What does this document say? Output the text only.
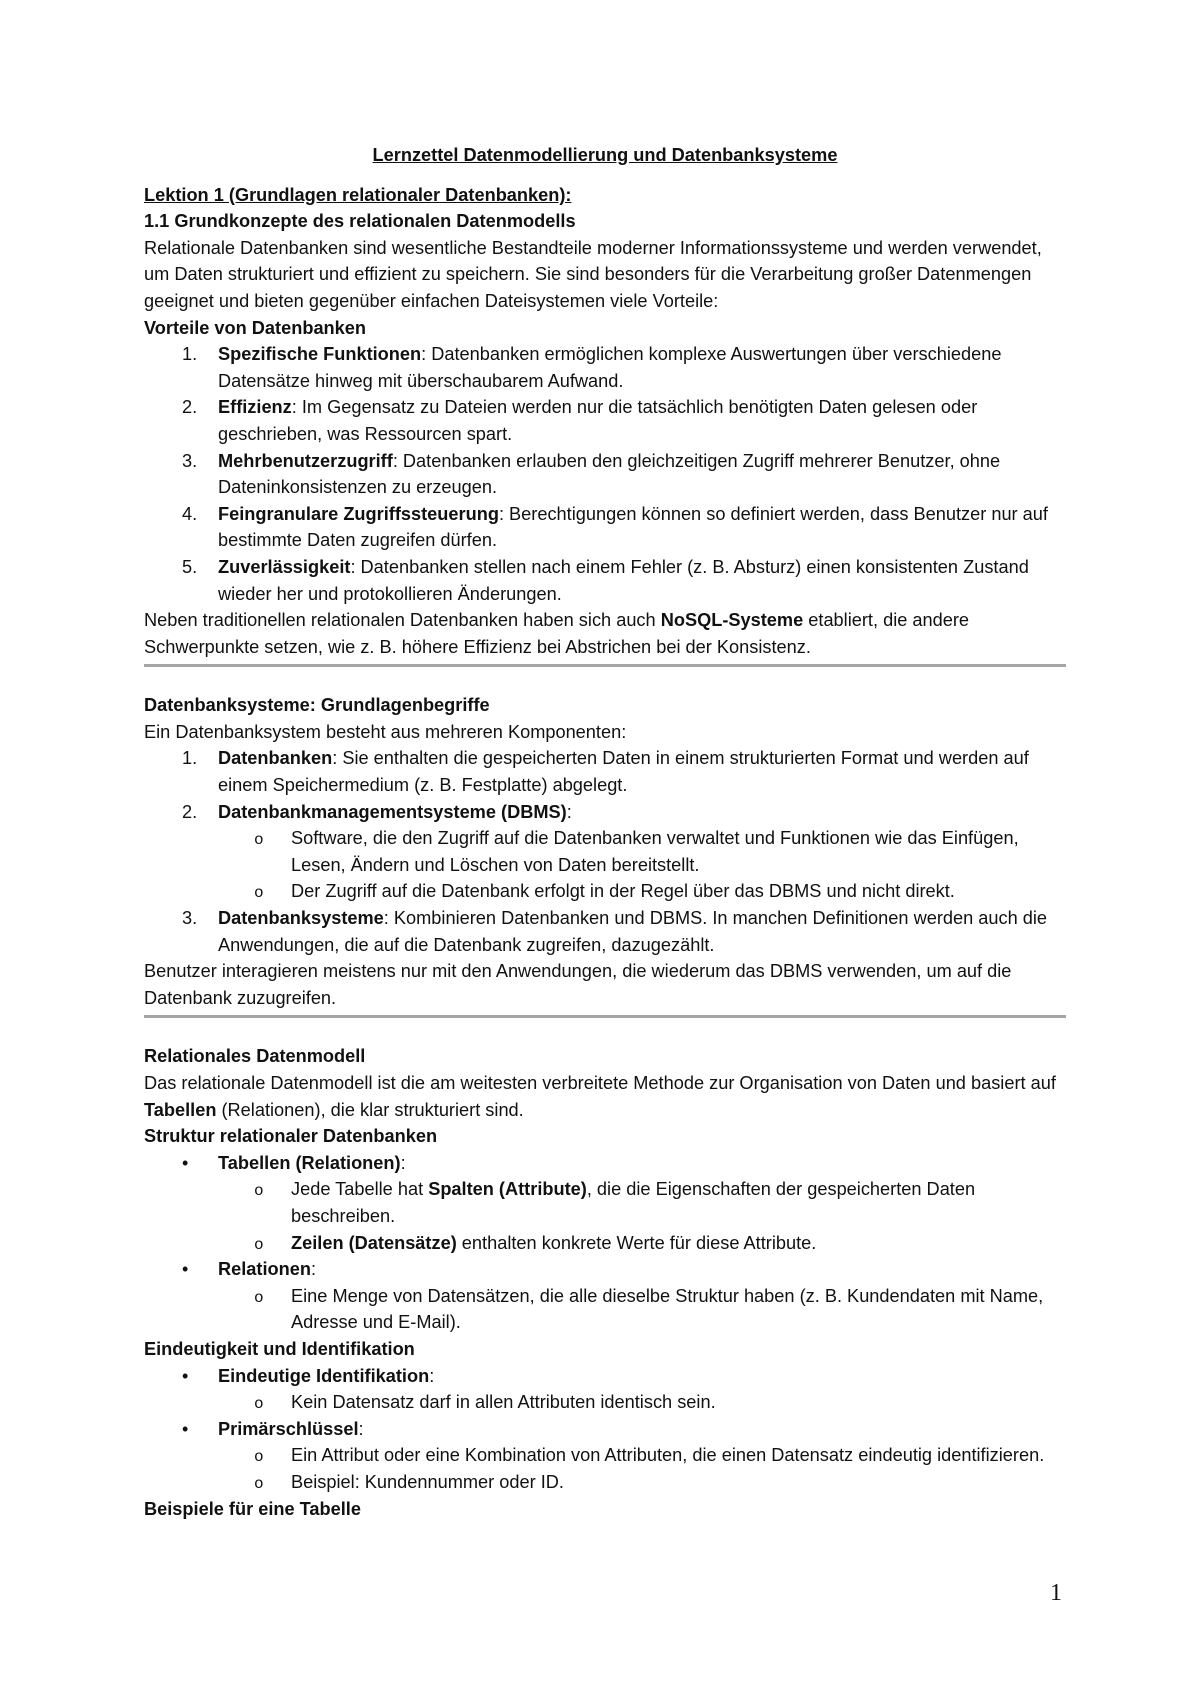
Lernzettel Datenmodellierung und Datenbanksysteme
Lektion 1 (Grundlagen relationaler Datenbanken):
1.1 Grundkonzepte des relationalen Datenmodells

Relationale Datenbanken sind wesentliche Bestandteile moderner Informationssysteme und werden verwendet, um Daten strukturiert und effizient zu speichern. Sie sind besonders für die Verarbeitung großer Datenmengen geeignet und bieten gegenüber einfachen Dateisystemen viele Vorteile:

Vorteile von Datenbanken
1. Spezifische Funktionen: Datenbanken ermöglichen komplexe Auswertungen über verschiedene Datensätze hinweg mit überschaubarem Aufwand.
2. Effizienz: Im Gegensatz zu Dateien werden nur die tatsächlich benötigten Daten gelesen oder geschrieben, was Ressourcen spart.
3. Mehrbenutzerzugriff: Datenbanken erlauben den gleichzeitigen Zugriff mehrerer Benutzer, ohne Dateninkonsistenzen zu erzeugen.
4. Feingranulare Zugriffssteuerung: Berechtigungen können so definiert werden, dass Benutzer nur auf bestimmte Daten zugreifen dürfen.
5. Zuverlässigkeit: Datenbanken stellen nach einem Fehler (z. B. Absturz) einen konsistenten Zustand wieder her und protokollieren Änderungen.

Neben traditionellen relationalen Datenbanken haben sich auch NoSQL-Systeme etabliert, die andere Schwerpunkte setzen, wie z. B. höhere Effizienz bei Abstrichen bei der Konsistenz.

Datenbanksysteme: Grundlagenbegriffe

Ein Datenbanksystem besteht aus mehreren Komponenten:

1. Datenbanken: Sie enthalten die gespeicherten Daten in einem strukturierten Format und werden auf einem Speichermedium (z. B. Festplatte) abgelegt.
2. Datenbankmanagementsysteme (DBMS):
o Software, die den Zugriff auf die Datenbanken verwaltet und Funktionen wie das Einfügen, Lesen, Ändern und Löschen von Daten bereitstellt.
o Der Zugriff auf die Datenbank erfolgt in der Regel über das DBMS und nicht direkt.
3. Datenbanksysteme: Kombinieren Datenbanken und DBMS. In manchen Definitionen werden auch die Anwendungen, die auf die Datenbank zugreifen, dazugezählt.

Benutzer interagieren meistens nur mit den Anwendungen, die wiederum das DBMS verwenden, um auf die Datenbank zuzugreifen.

Relationales Datenmodell

Das relationale Datenmodell ist die am weitesten verbreitete Methode zur Organisation von Daten und basiert auf Tabellen (Relationen), die klar strukturiert sind.

Struktur relationaler Datenbanken
• Tabellen (Relationen):
o Jede Tabelle hat Spalten (Attribute), die die Eigenschaften der gespeicherten Daten beschreiben.
o Zeilen (Datensätze) enthalten konkrete Werte für diese Attribute.
• Relationen:
o Eine Menge von Datensätzen, die alle dieselbe Struktur haben (z. B. Kundendaten mit Name, Adresse und E-Mail).
Eindeutigkeit und Identifikation
• Eindeutige Identifikation:
o Kein Datensatz darf in allen Attributen identisch sein.
• Primärschlüssel:
o Ein Attribut oder eine Kombination von Attributen, die einen Datensatz eindeutig identifizieren.
o Beispiel: Kundennummer oder ID.
Beispiele für eine Tabelle
1
